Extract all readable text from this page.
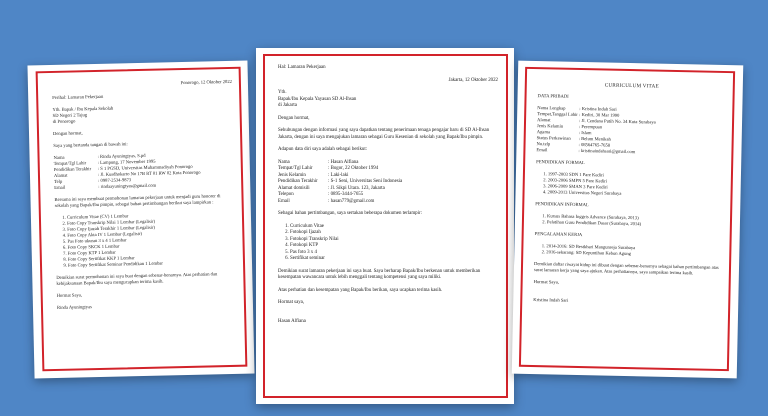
Ponorogo, 12 Oktober 2022

Perihal: Lamaran Pekerjaan

Yth. Bapak / Ibu Kepala Sekolah

SD Negeri 2 Tajug

di Ponorogo

Dengan hormat,

Saya yang bertanda tangan di bawah ini:

Nama	: Rinda Ayuningtyas, S.pd
Tempat/Tgl Lahir	: Lampung, 17 November 1995
Pendidikan Terakhir	: S 1 PGSD, Universitas Muhammadiyah Ponorogo
Alamat	: Jl. Kusdhokarto No 17B RT 01 RW 02 Kota Ponorogo
Telp	: 0987-2534-9873
Email	: rindaayuningtyas@gmail.com

Bersama ini saya membuat permohonan lamaran pekerjaan untuk menjadi guru honorer di sekolah yang Bapak/Ibu pimpin, sebagai bahan pertimbangan berikut saya lampirkan :

1. Curriculum Vitae (CV) 1 Lembar
2. Foto Copy Transkrip Nilai 1 Lembar (Legalisir)
3. Foto Copy Ijazah Terakhir 1 Lembar (Legalisir)
4. Foto Copy Akta IV 1 Lembar (Legalisir)
5. Pas Foto ukuran 3 x 4 1 Lembar
6. Foto Copy SKCK 1 Lembar
7. Foto Copy KTP 1 Lembar
8. Foto Copy Sertifikat KKP 1 Lembar
9. Foto Copy Sertifikat Seminar Pendidikan 1 Lembar

Demikian surat permohonan ini saya buat dengan sebenar-benarnya. Atas perhatian dan kebijaksanaan Bapak/Ibu saya mengucapkan terima kasih.

Hormat Saya,

Rinda Ayuningtyas

Hal: Lamaran Pekerjaan

Jakarta, 12 Oktober 2022

Yth.

Bapak/Ibu Kepala Yayasan SD Al-Ihsan

di Jakarta

Dengan hormat,

Sehubungan dengan informasi yang saya dapatkan tentang penerimaan tenaga pengajar baru di SD Al-Ihsan Jakarta, dengan ini saya mengajukan lamaran sebagai Guru Kesenian di sekolah yang Bapak/Ibu pimpin.

Adapun data diri saya adalah sebagai berikut:

Nama	: Hasan Alfiana
Tempat/Tgl Lahir	: Bogor, 22 Oktober 1994
Jenis Kelamin	: Laki-laki
Pendidikan Terakhir	: S-1 Seni, Universitas Seni Indonesia
Alamat domisili	: Jl. Sikpi Utara. 123, Jakarta
Telepon	: 0895-3444-7655
Email	: hasan779@gmail.com

Sebagai bahan pertimbangan, saya sertakan beberapa dokumen terlampir:

1. Curriculum Vitae
2. Fotokopi Ijazah
3. Fotokopi Transkrip Nilai
4. Fotokopi KTP
5. Pas foto 3 x 4
6. Sertifikat seminar

Demikian surat lamaran pekerjaan ini saya buat. Saya berharap Bapak/Ibu berkenan untuk memberikan kesempatan wawancara untuk lebih menggali tentang kompetensi yang saya miliki.

Atas perhatian dan kesempatan yang Bapak/Ibu berikan, saya ucapkan terima kasih.

Hormat saya,

Hasan Alfiana

CURRICULUM VITAE

DATA PRIBADI

Nama Lengkap	: Kristina Indah Sari
Tempat,Tanggal Lahir : Kediri, 30 Mar 1990
Alamat	: Jl. Cendana Putih No. 34 Kota Surabaya
Jenis Kelamin	: Perempuan
Agama	: Islam
Status Perkawinan	: Belum Menikah
No.telp	: 08564765-7658
Email	: kristinaindahsari@gmail.com

PENDIDIKAN FORMAL

1. 1997-2003 SDN 1 Pare Kediri
2. 2003-2006 SMPN 5 Pare Kediri
3. 2006-2009 SMAN 3 Pare Kediri
4. 2009-2013 Universitas Negeri Surabaya

PENDIDIKAN INFORMAL

1. Kursus Bahasa Inggris Advance (Surabaya, 2013)
2. Pelatihan Guru Pendidikan Dasar (Surabaya, 2014)

PENGALAMAN KERJA

1. 2014-2016: SD Bestkhari Mangunrejo Surabaya
2. 2016-sekarang: SD Kepuntihan Kebon Agung

Demikian daftar riwayat hidup ini dibuat dengan sebenar-benarnya sebagai bahan pertimbangan atas surat lamaran kerja yang saya ajukan. Atas perhatiannya, saya sampaikan terima kasih.

Hormat Saya,

Kristina Indah Sari
